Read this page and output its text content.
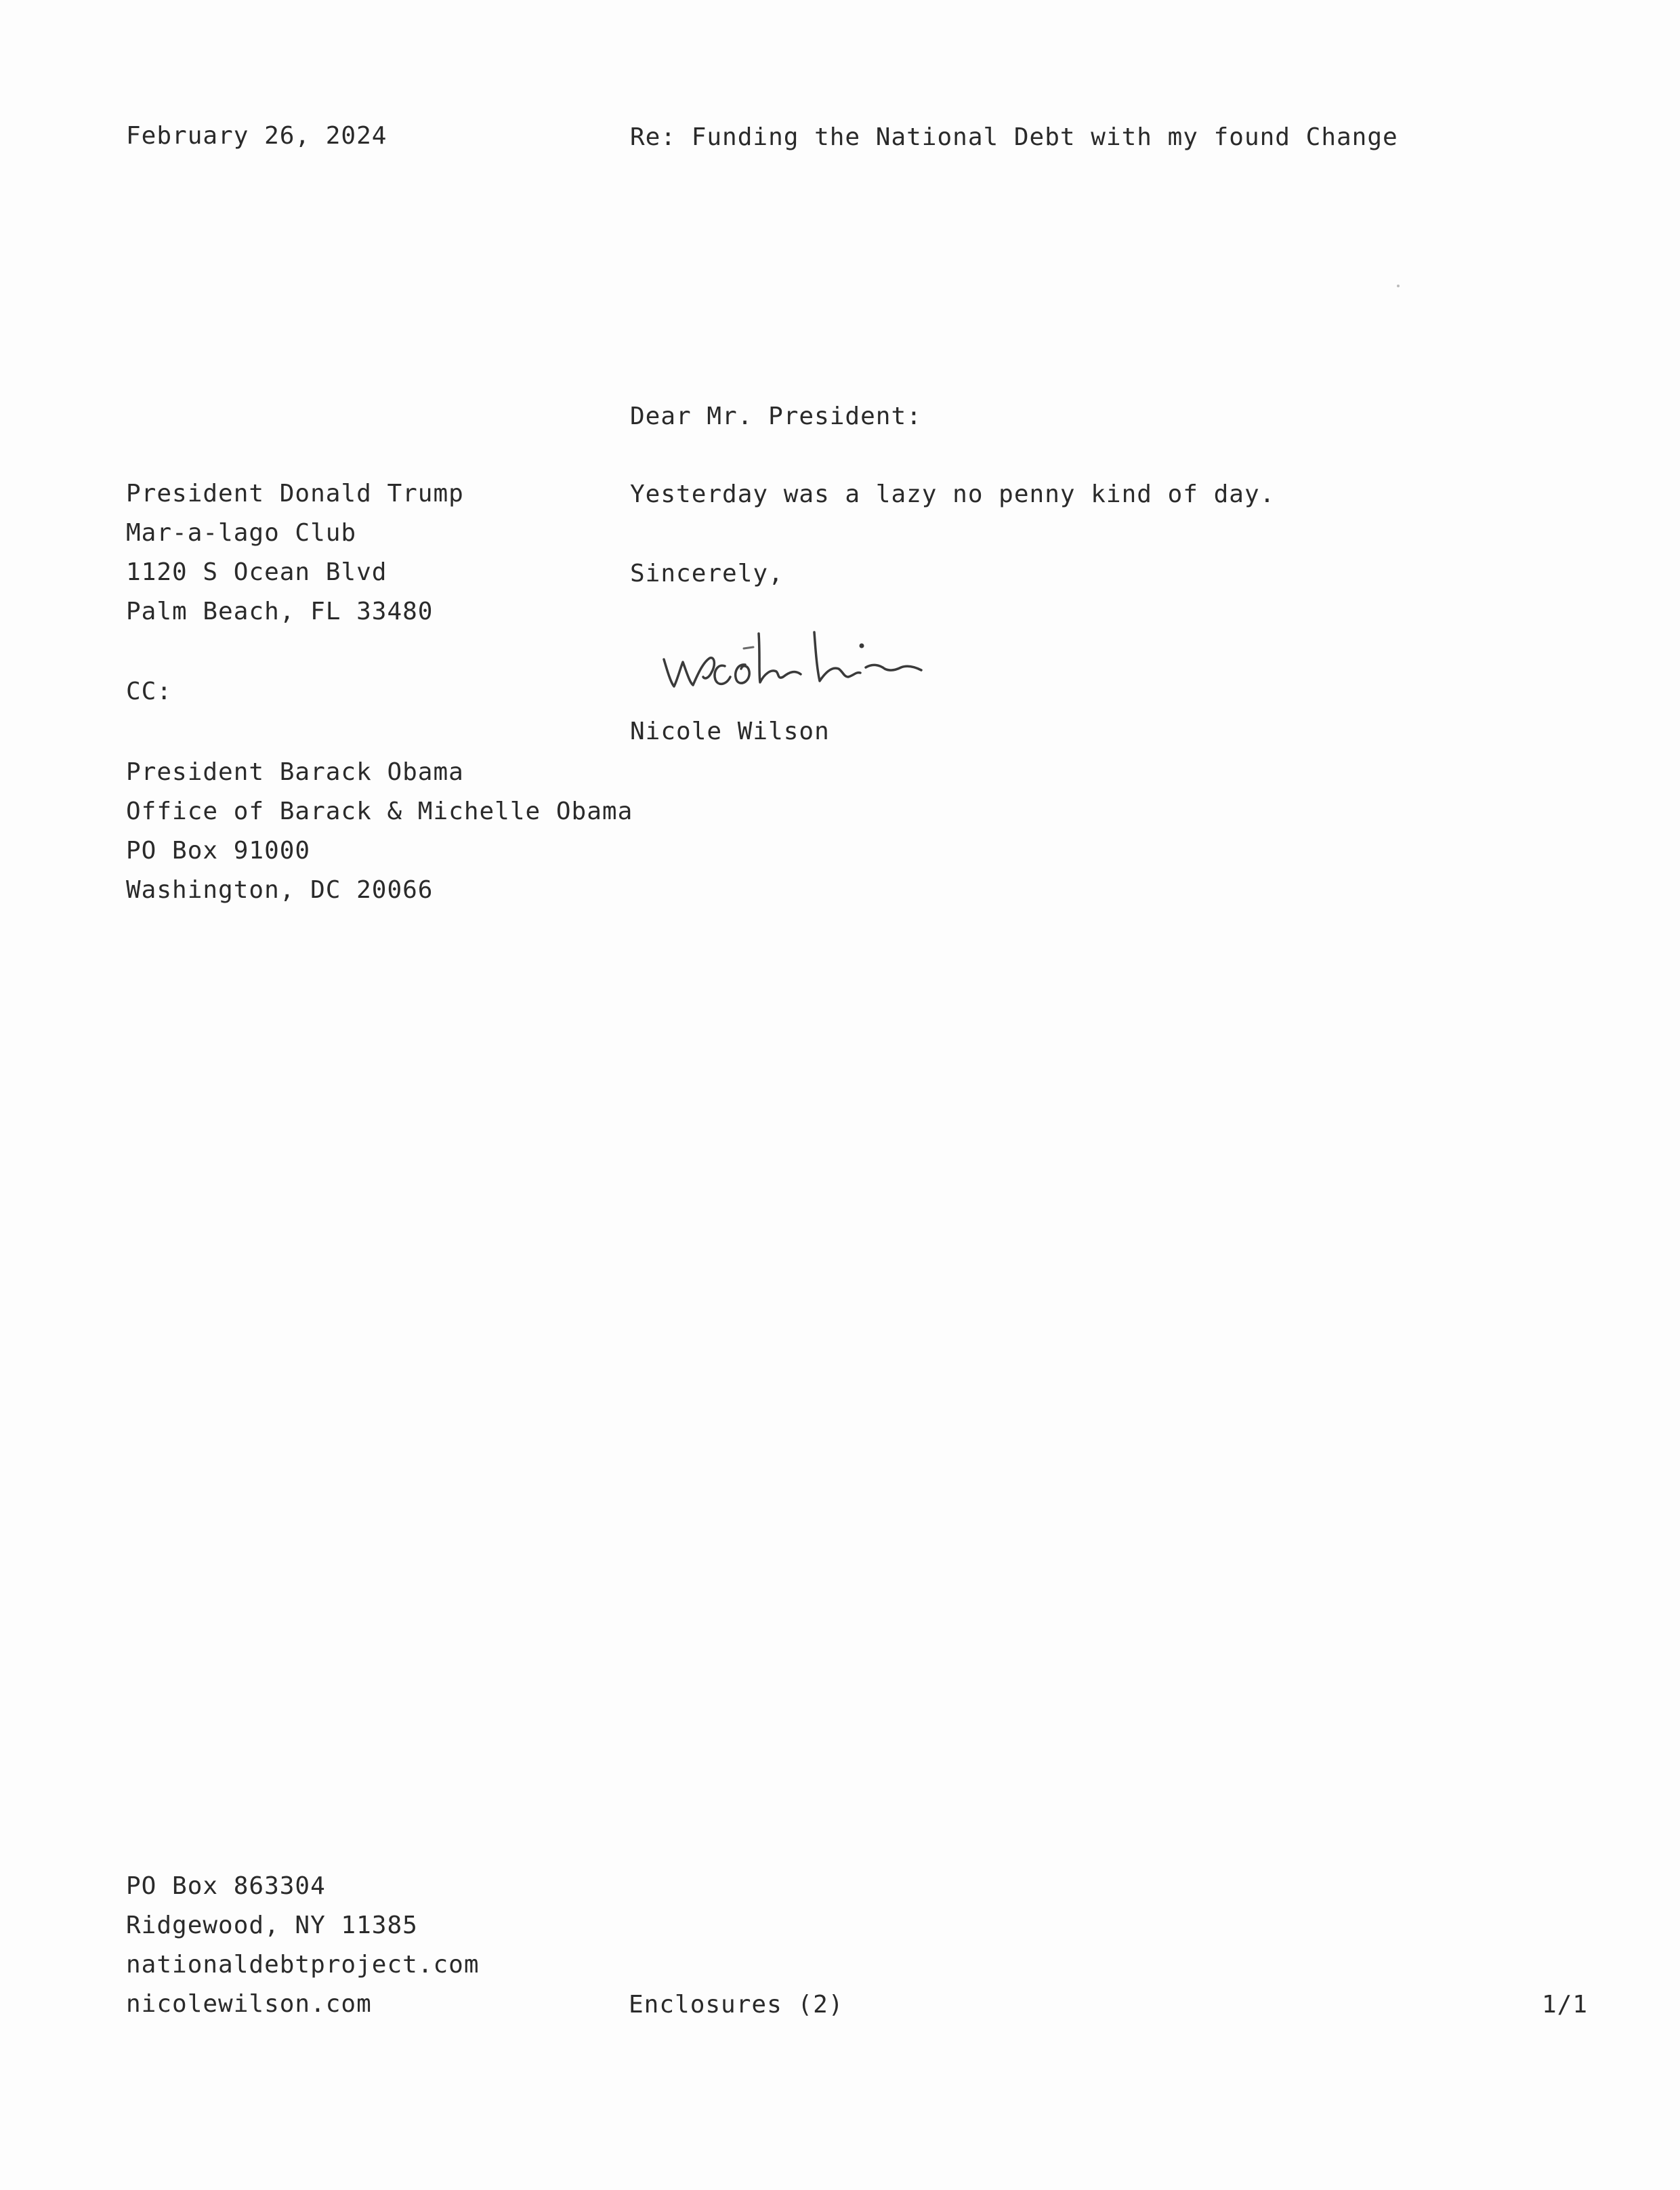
February 26, 2024	Re: Funding the National Debt with my found Change
Dear Mr. President:
President Donald Trump
Mar-a-lago Club
1120 S Ocean Blvd
Palm Beach, FL 33480
Yesterday was a lazy no penny kind of day.
Sincerely,
CC:
Nicole Wilson
President Barack Obama
Office of Barack & Michelle Obama
PO Box 91000
Washington, DC 20066
PO Box 863304
Ridgewood, NY 11385
nationaldebtproject.com
nicolewilson.com	Enclosures (2)	1/1
